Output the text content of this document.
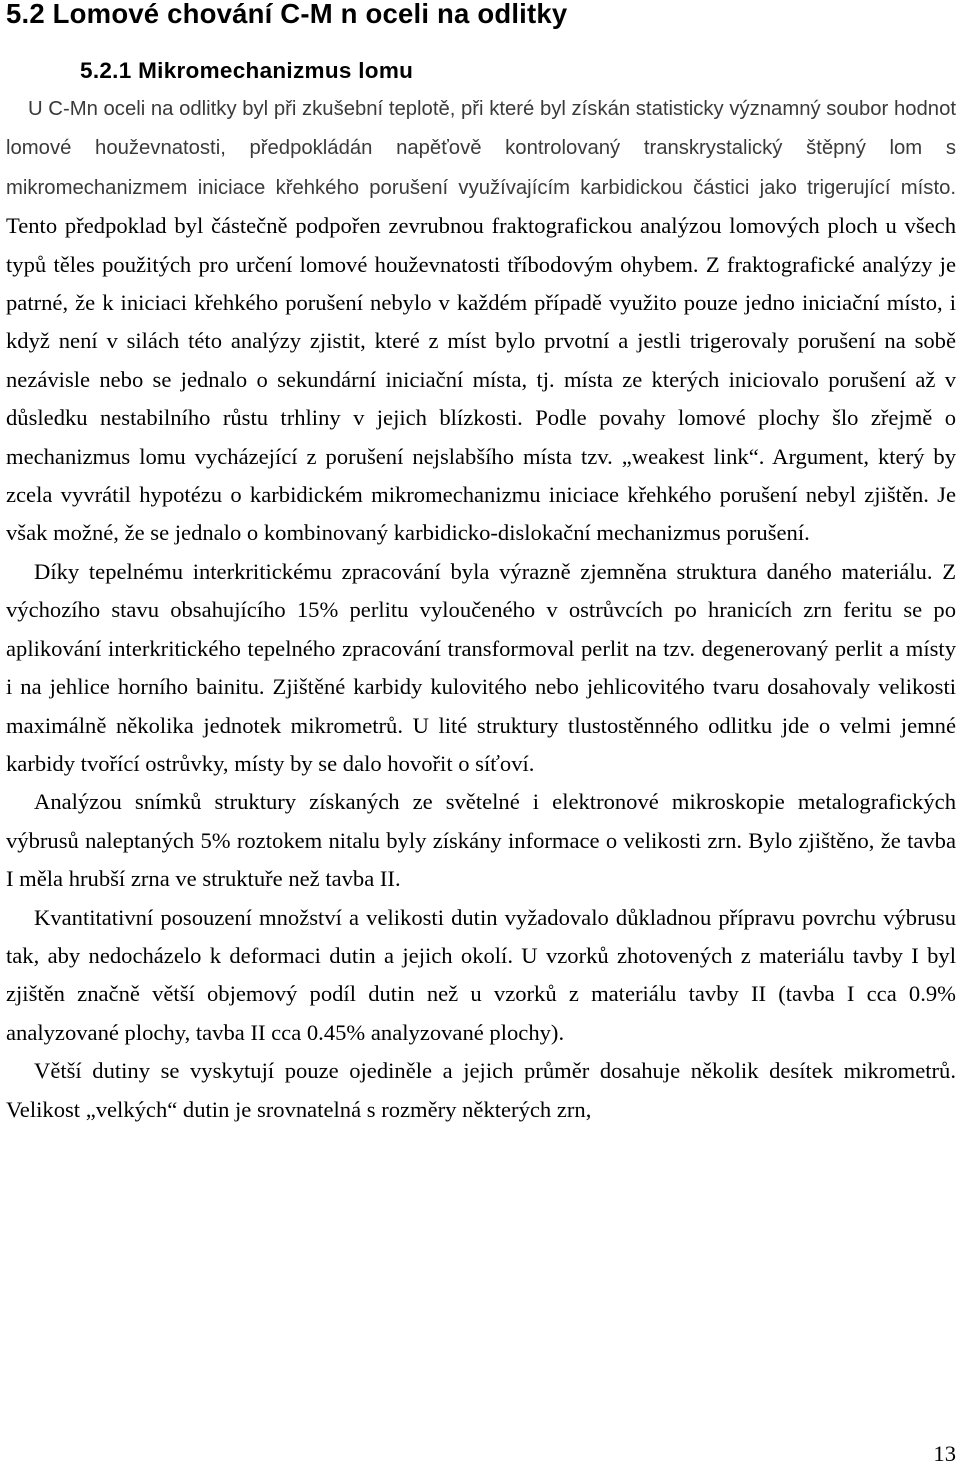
5.2 Lomové chování C-M n oceli na odlitky
5.2.1 Mikromechanizmus lomu

U C-Mn oceli na odlitky byl při zkušební teplotě, při které byl získán statisticky významný soubor hodnot lomové houževnatosti, předpokládán napěťově kontrolovaný transkrystalický štěpný lom s mikromechanizmem iniciace křehkého porušení využívajícím karbidickou částici jako trigerující místo. Tento předpoklad byl částečně podpořen zevrubnou fraktografickou analýzou lomových ploch u všech typů těles použitých pro určení lomové houževnatosti tříbodovým ohybem. Z fraktografické analýzy je patrné, že k iniciaci křehkého porušení nebylo v každém případě využito pouze jedno iniciační místo, i když není v silách této analýzy zjistit, které z míst bylo prvotní a jestli trigerovaly porušení na sobě nezávisle nebo se jednalo o sekundární iniciační místa, tj. místa ze kterých iniciovalo porušení až v důsledku nestabilního růstu trhliny v jejich blízkosti. Podle povahy lomové plochy šlo zřejmě o mechanizmus lomu vycházející z porušení nejslabšího místa tzv. „weakest link“. Argument, který by zcela vyvrátil hypotézu o karbidickém mikromechanizmu iniciace křehkého porušení nebyl zjištěn. Je však možné, že se jednalo o kombinovaný karbidicko-dislokační mechanizmus porušení.

Díky tepelnému interkritickému zpracování byla výrazně zjemněna struktura daného materiálu. Z výchozího stavu obsahujícího 15% perlitu vyloučeného v ostrůvcích po hranicích zrn feritu se po aplikování interkritického tepelného zpracování transformoval perlit na tzv. degenerovaný perlit a místy i na jehlice horního bainitu. Zjištěné karbidy kulovitého nebo jehlicovitého tvaru dosahovaly velikosti maximálně několika jednotek mikrometrů. U lité struktury tlustostěnného odlitku jde o velmi jemné karbidy tvořící ostrůvky, místy by se dalo hovořit o síťoví.

Analýzou snímků struktury získaných ze světelné i elektronové mikroskopie metalografických výbrusů naleptaných 5% roztokem nitalu byly získány informace o velikosti zrn. Bylo zjištěno, že tavba I měla hrubší zrna ve struktuře než tavba II.

Kvantitativní posouzení množství a velikosti dutin vyžadovalo důkladnou přípravu povrchu výbrusu tak, aby nedocházelo k deformaci dutin a jejich okolí. U vzorků zhotovených z materiálu tavby I byl zjištěn značně větší objemový podíl dutin než u vzorků z materiálu tavby II (tavba I cca 0.9% analyzované plochy, tavba II cca 0.45% analyzované plochy).

Větší dutiny se vyskytují pouze ojediněle a jejich průměr dosahuje několik desítek mikrometrů. Velikost „velkých“ dutin je srovnatelná s rozměry některých zrn,

13
